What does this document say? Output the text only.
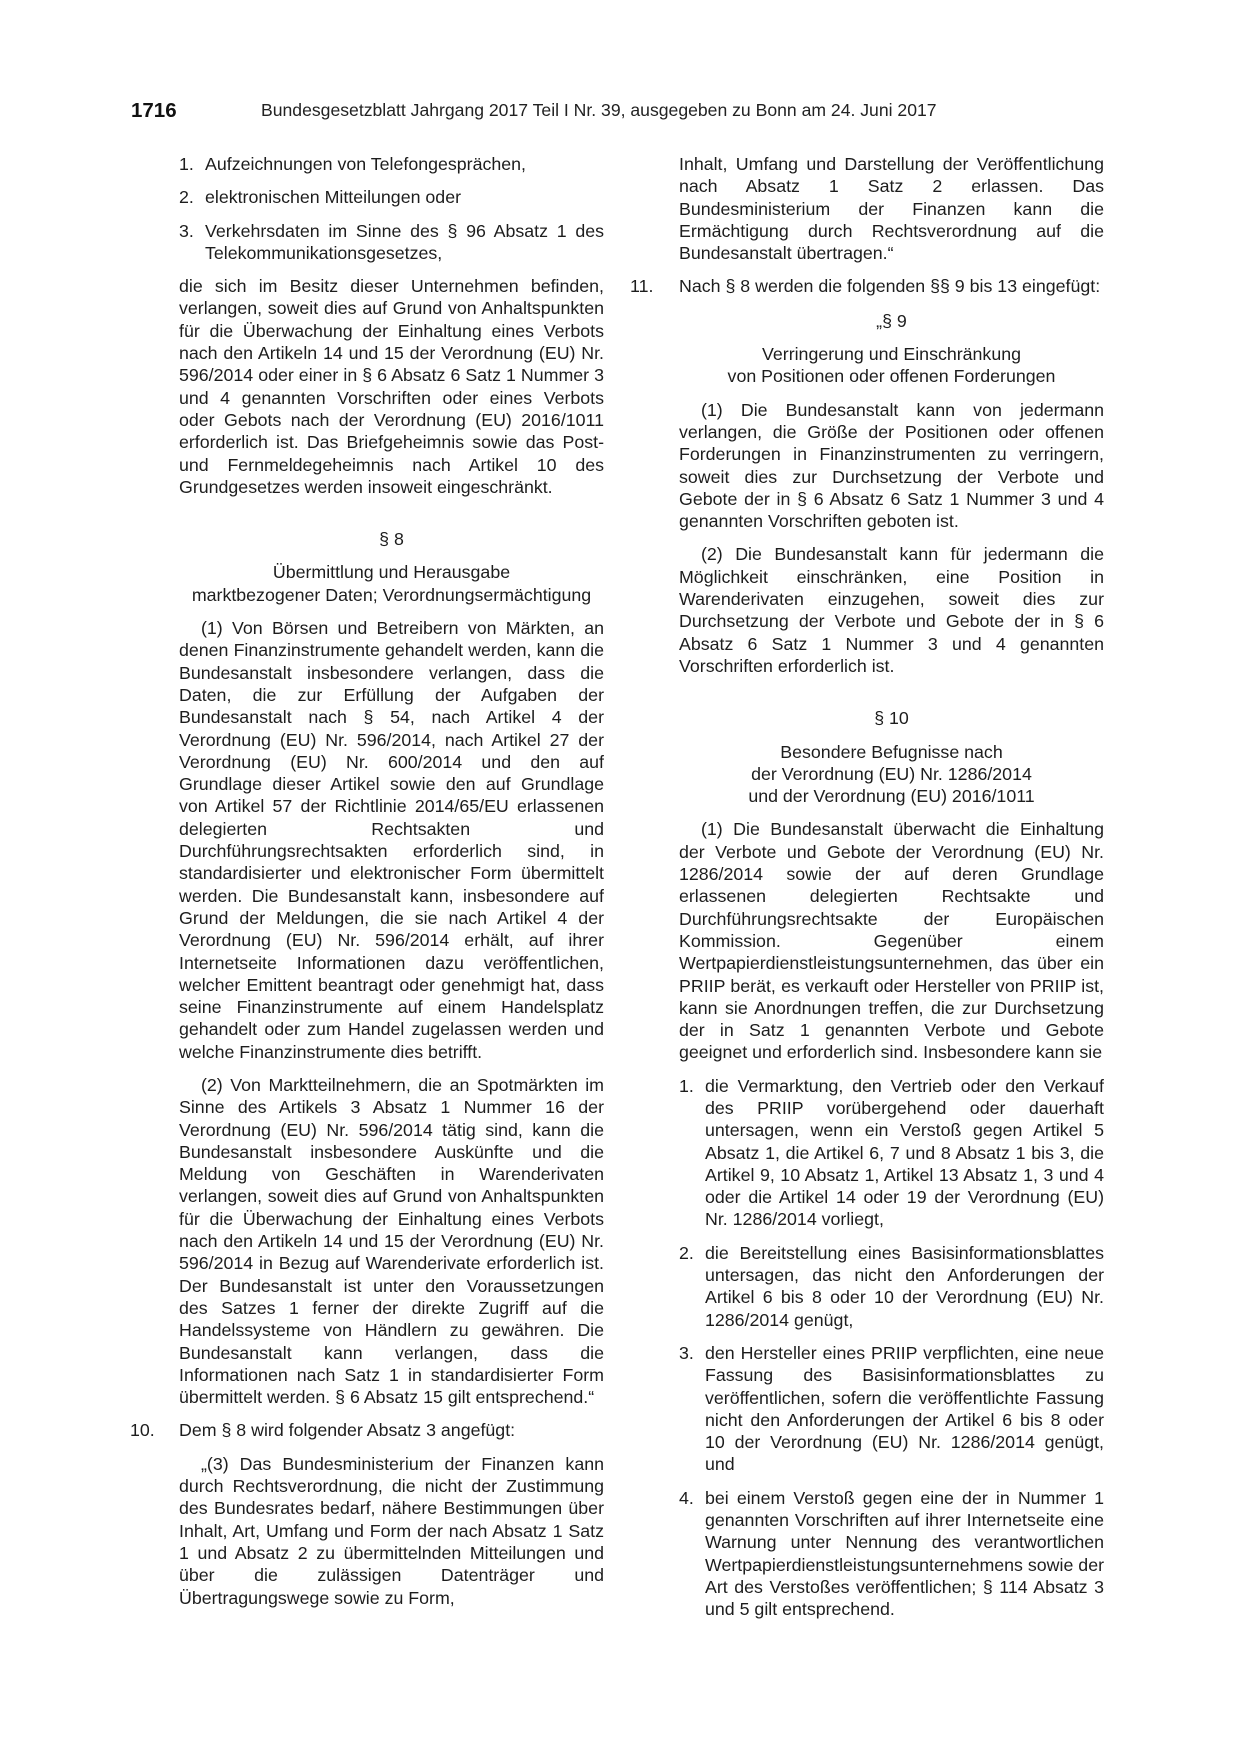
1716	Bundesgesetzblatt Jahrgang 2017 Teil I Nr. 39, ausgegeben zu Bonn am 24. Juni 2017
1. Aufzeichnungen von Telefongesprächen,
2. elektronischen Mitteilungen oder
3. Verkehrsdaten im Sinne des § 96 Absatz 1 des Telekommunikationsgesetzes,

die sich im Besitz dieser Unternehmen befinden, verlangen, soweit dies auf Grund von Anhaltspunkten für die Überwachung der Einhaltung eines Verbots nach den Artikeln 14 und 15 der Verordnung (EU) Nr. 596/2014 oder einer in § 6 Absatz 6 Satz 1 Nummer 3 und 4 genannten Vorschriften oder eines Verbots oder Gebots nach der Verordnung (EU) 2016/1011 erforderlich ist. Das Briefgeheimnis sowie das Post- und Fernmeldegeheimnis nach Artikel 10 des Grundgesetzes werden insoweit eingeschränkt.

§ 8

Übermittlung und Herausgabe

marktbezogener Daten; Verordnungsermächtigung

(1) Von Börsen und Betreibern von Märkten, an denen Finanzinstrumente gehandelt werden, kann die Bundesanstalt insbesondere verlangen, dass die Daten, die zur Erfüllung der Aufgaben der Bundesanstalt nach § 54, nach Artikel 4 der Verordnung (EU) Nr. 596/2014, nach Artikel 27 der Verordnung (EU) Nr. 600/2014 und den auf Grundlage dieser Artikel sowie den auf Grundlage von Artikel 57 der Richtlinie 2014/65/EU erlassenen delegierten Rechtsakten und Durchführungsrechtsakten erforderlich sind, in standardisierter und elektronischer Form übermittelt werden. Die Bundesanstalt kann, insbesondere auf Grund der Meldungen, die sie nach Artikel 4 der Verordnung (EU) Nr. 596/2014 erhält, auf ihrer Internetseite Informationen dazu veröffentlichen, welcher Emittent beantragt oder genehmigt hat, dass seine Finanzinstrumente auf einem Handelsplatz gehandelt oder zum Handel zugelassen werden und welche Finanzinstrumente dies betrifft.

(2) Von Marktteilnehmern, die an Spotmärkten im Sinne des Artikels 3 Absatz 1 Nummer 16 der Verordnung (EU) Nr. 596/2014 tätig sind, kann die Bundesanstalt insbesondere Auskünfte und die Meldung von Geschäften in Warenderivaten verlangen, soweit dies auf Grund von Anhaltspunkten für die Überwachung der Einhaltung eines Verbots nach den Artikeln 14 und 15 der Verordnung (EU) Nr. 596/2014 in Bezug auf Warenderivate erforderlich ist. Der Bundesanstalt ist unter den Voraussetzungen des Satzes 1 ferner der direkte Zugriff auf die Handelssysteme von Händlern zu gewähren. Die Bundesanstalt kann verlangen, dass die Informationen nach Satz 1 in standardisierter Form übermittelt werden. § 6 Absatz 15 gilt entsprechend.“

10. Dem § 8 wird folgender Absatz 3 angefügt:

„(3) Das Bundesministerium der Finanzen kann durch Rechtsverordnung, die nicht der Zustimmung des Bundesrates bedarf, nähere Bestimmungen über Inhalt, Art, Umfang und Form der nach Absatz 1 Satz 1 und Absatz 2 zu übermittelnden Mitteilungen und über die zulässigen Datenträger und Übertragungswege sowie zu Form,

Inhalt, Umfang und Darstellung der Veröffentlichung nach Absatz 1 Satz 2 erlassen. Das Bundesministerium der Finanzen kann die Ermächtigung durch Rechtsverordnung auf die Bundesanstalt übertragen.“

11. Nach § 8 werden die folgenden §§ 9 bis 13 eingefügt:

„§ 9

Verringerung und Einschränkung

von Positionen oder offenen Forderungen

(1) Die Bundesanstalt kann von jedermann verlangen, die Größe der Positionen oder offenen Forderungen in Finanzinstrumenten zu verringern, soweit dies zur Durchsetzung der Verbote und Gebote der in § 6 Absatz 6 Satz 1 Nummer 3 und 4 genannten Vorschriften geboten ist.

(2) Die Bundesanstalt kann für jedermann die Möglichkeit einschränken, eine Position in Warenderivaten einzugehen, soweit dies zur Durchsetzung der Verbote und Gebote der in § 6 Absatz 6 Satz 1 Nummer 3 und 4 genannten Vorschriften erforderlich ist.

§ 10

Besondere Befugnisse nach

der Verordnung (EU) Nr. 1286/2014

und der Verordnung (EU) 2016/1011

(1) Die Bundesanstalt überwacht die Einhaltung der Verbote und Gebote der Verordnung (EU) Nr. 1286/2014 sowie der auf deren Grundlage erlassenen delegierten Rechtsakte und Durchführungsrechtsakte der Europäischen Kommission. Gegenüber einem Wertpapierdienstleistungsunternehmen, das über ein PRIIP berät, es verkauft oder Hersteller von PRIIP ist, kann sie Anordnungen treffen, die zur Durchsetzung der in Satz 1 genannten Verbote und Gebote geeignet und erforderlich sind. Insbesondere kann sie

1. die Vermarktung, den Vertrieb oder den Verkauf des PRIIP vorübergehend oder dauerhaft untersagen, wenn ein Verstoß gegen Artikel 5 Absatz 1, die Artikel 6, 7 und 8 Absatz 1 bis 3, die Artikel 9, 10 Absatz 1, Artikel 13 Absatz 1, 3 und 4 oder die Artikel 14 oder 19 der Verordnung (EU) Nr. 1286/2014 vorliegt,
2. die Bereitstellung eines Basisinformationsblattes untersagen, das nicht den Anforderungen der Artikel 6 bis 8 oder 10 der Verordnung (EU) Nr. 1286/2014 genügt,
3. den Hersteller eines PRIIP verpflichten, eine neue Fassung des Basisinformationsblattes zu veröffentlichen, sofern die veröffentlichte Fassung nicht den Anforderungen der Artikel 6 bis 8 oder 10 der Verordnung (EU) Nr. 1286/2014 genügt, und
4. bei einem Verstoß gegen eine der in Nummer 1 genannten Vorschriften auf ihrer Internetseite eine Warnung unter Nennung des verantwortlichen Wertpapierdienstleistungsunternehmens sowie der Art des Verstoßes veröffentlichen; § 114 Absatz 3 und 5 gilt entsprechend.
